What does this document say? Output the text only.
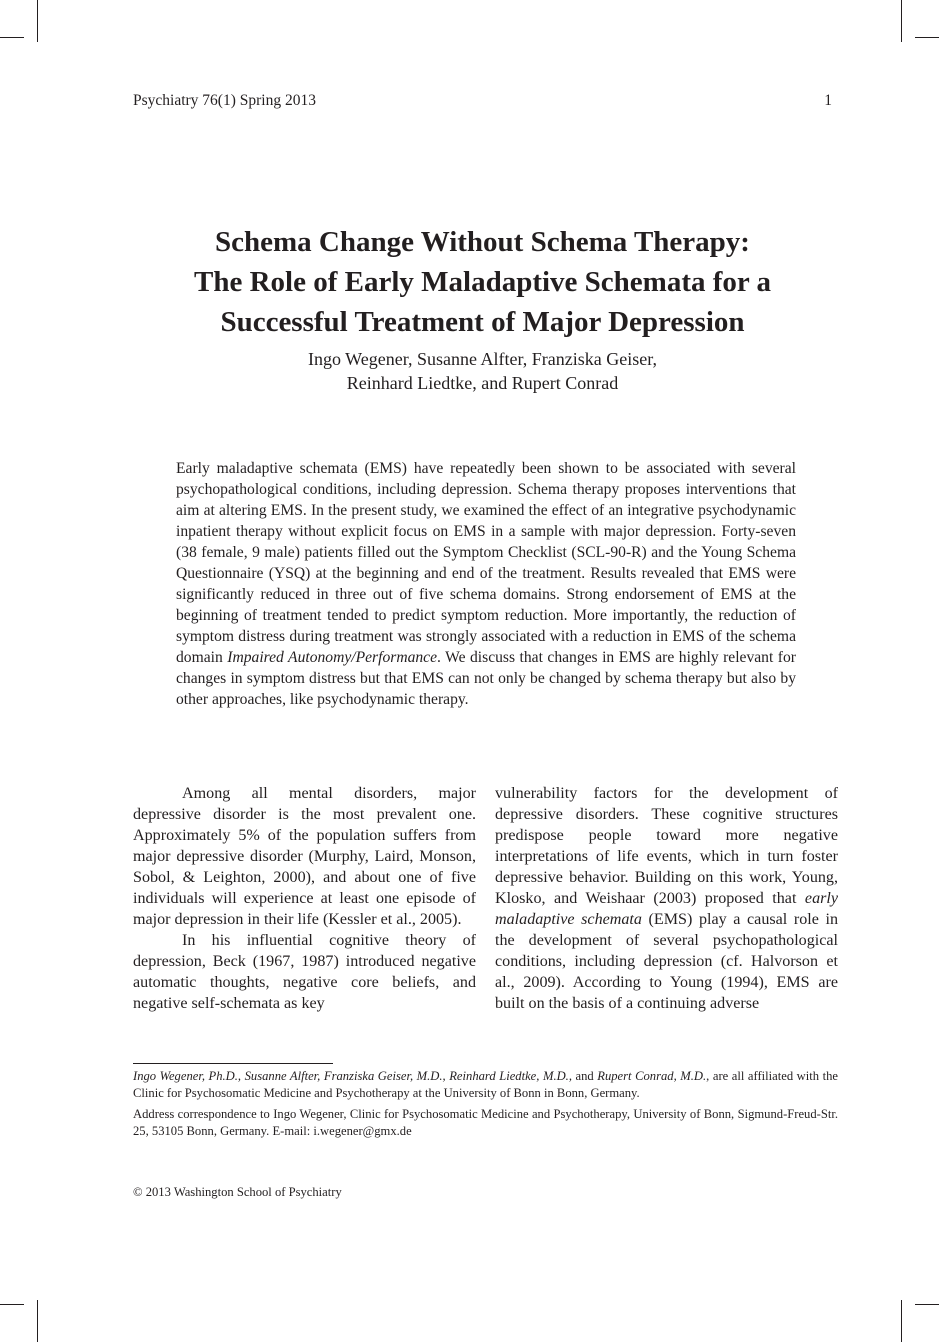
Psychiatry 76(1) Spring 2013	1
Schema Change Without Schema Therapy:
The Role of Early Maladaptive Schemata for a
Successful Treatment of Major Depression
Ingo Wegener, Susanne Alfter, Franziska Geiser,
Reinhard Liedtke, and Rupert Conrad
Early maladaptive schemata (EMS) have repeatedly been shown to be associated with several psychopathological conditions, including depression. Schema therapy proposes interventions that aim at altering EMS. In the present study, we examined the effect of an integrative psychodynamic inpatient therapy without explicit focus on EMS in a sample with major depression. Forty-seven (38 female, 9 male) patients filled out the Symptom Checklist (SCL-90-R) and the Young Schema Questionnaire (YSQ) at the beginning and end of the treatment. Results revealed that EMS were significantly reduced in three out of five schema domains. Strong endorsement of EMS at the beginning of treatment tended to predict symptom reduction. More importantly, the reduction of symptom distress during treatment was strongly associated with a reduction in EMS of the schema domain Impaired Autonomy/Performance. We discuss that changes in EMS are highly relevant for changes in symptom distress but that EMS can not only be changed by schema therapy but also by other approaches, like psychodynamic therapy.

Among all mental disorders, major depressive disorder is the most prevalent one. Approximately 5% of the population suffers from major depressive disorder (Murphy, Laird, Monson, Sobol, & Leighton, 2000), and about one of five individuals will experience at least one episode of major depression in their life (Kessler et al., 2005).

In his influential cognitive theory of depression, Beck (1967, 1987) introduced negative automatic thoughts, negative core beliefs, and negative self-schemata as key

vulnerability factors for the development of depressive disorders. These cognitive structures predispose people toward more negative interpretations of life events, which in turn foster depressive behavior. Building on this work, Young, Klosko, and Weishaar (2003) proposed that early maladaptive schemata (EMS) play a causal role in the development of several psychopathological conditions, including depression (cf. Halvorson et al., 2009). According to Young (1994), EMS are built on the basis of a continuing adverse

Ingo Wegener, Ph.D., Susanne Alfter, Franziska Geiser, M.D., Reinhard Liedtke, M.D., and Rupert Conrad, M.D., are all affiliated with the Clinic for Psychosomatic Medicine and Psychotherapy at the University of Bonn in Bonn, Germany.

Address correspondence to Ingo Wegener, Clinic for Psychosomatic Medicine and Psychotherapy, University of Bonn, Sigmund-Freud-Str. 25, 53105 Bonn, Germany. E-mail: i.wegener@gmx.de

© 2013 Washington School of Psychiatry
